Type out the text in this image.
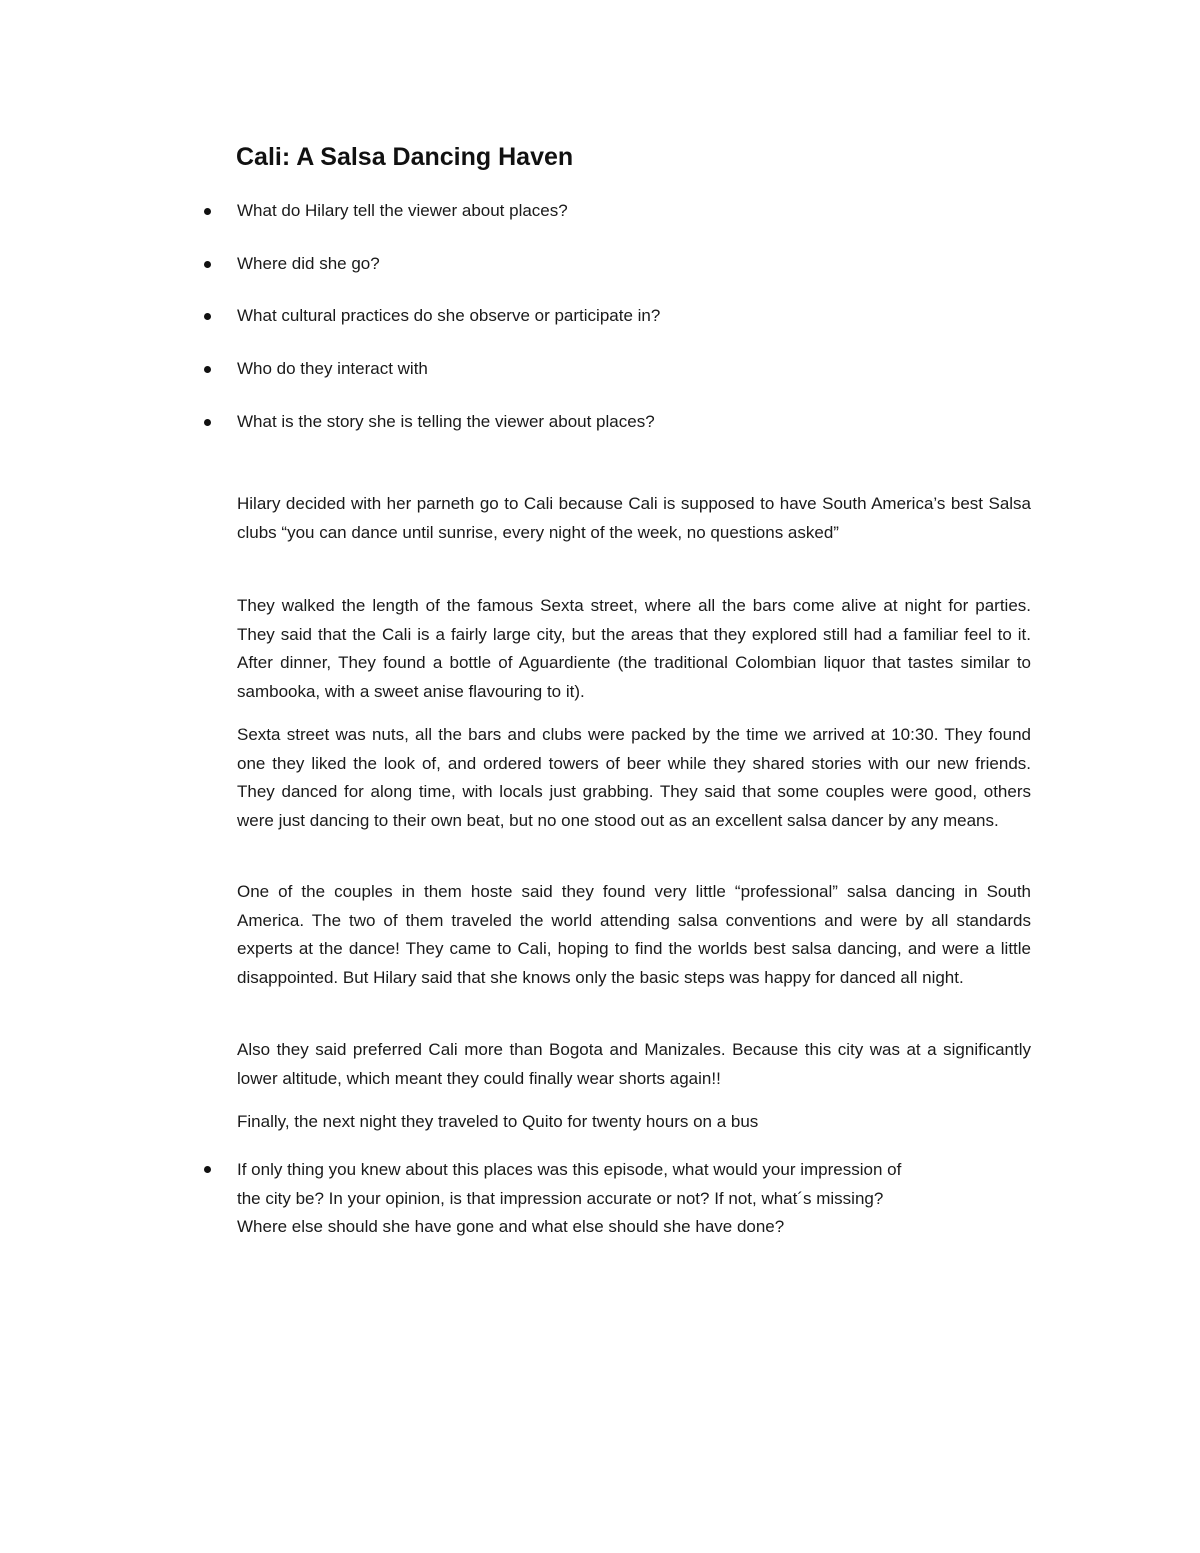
Cali: A Salsa Dancing Haven
What do Hilary tell the viewer about places?
Where did she go?
What cultural practices do she observe or participate in?
Who do they interact with
What is the story she is telling the viewer about places?

Hilary decided with her parneth go to Cali because Cali is supposed to have South America’s best Salsa clubs “you can dance until sunrise, every night of the week, no questions asked”

They walked the length of the famous Sexta street, where all the bars come alive at night for parties. They said that the Cali is a fairly large city, but the areas that they explored still had a familiar feel to it. After dinner, They found a bottle of Aguardiente (the traditional Colombian liquor that tastes similar to sambooka, with a sweet anise flavouring to it).

Sexta street was nuts, all the bars and clubs were packed by the time we arrived at 10:30. They found one they liked the look of, and ordered towers of beer while they shared stories with our new friends. They danced for along time, with locals just grabbing. They said that some couples were good, others were just dancing to their own beat, but no one stood out as an excellent salsa dancer by any means.

One of the couples in them hoste said they found very little “professional” salsa dancing in South America. The two of them traveled the world attending salsa conventions and were by all standards experts at the dance! They came to Cali, hoping to find the worlds best salsa dancing, and were a little disappointed. But Hilary said that she knows only the basic steps was happy for danced all night.

Also they said preferred Cali more than Bogota and Manizales. Because this city was at a significantly lower altitude, which meant they could finally wear shorts again!!

Finally, the next night they traveled to Quito for twenty hours on a bus

If only thing you knew about this places was this episode, what would your impression of
the city be? In your opinion, is that impression accurate or not? If not, what´s missing?
Where else should she have gone and what else should she have done?
